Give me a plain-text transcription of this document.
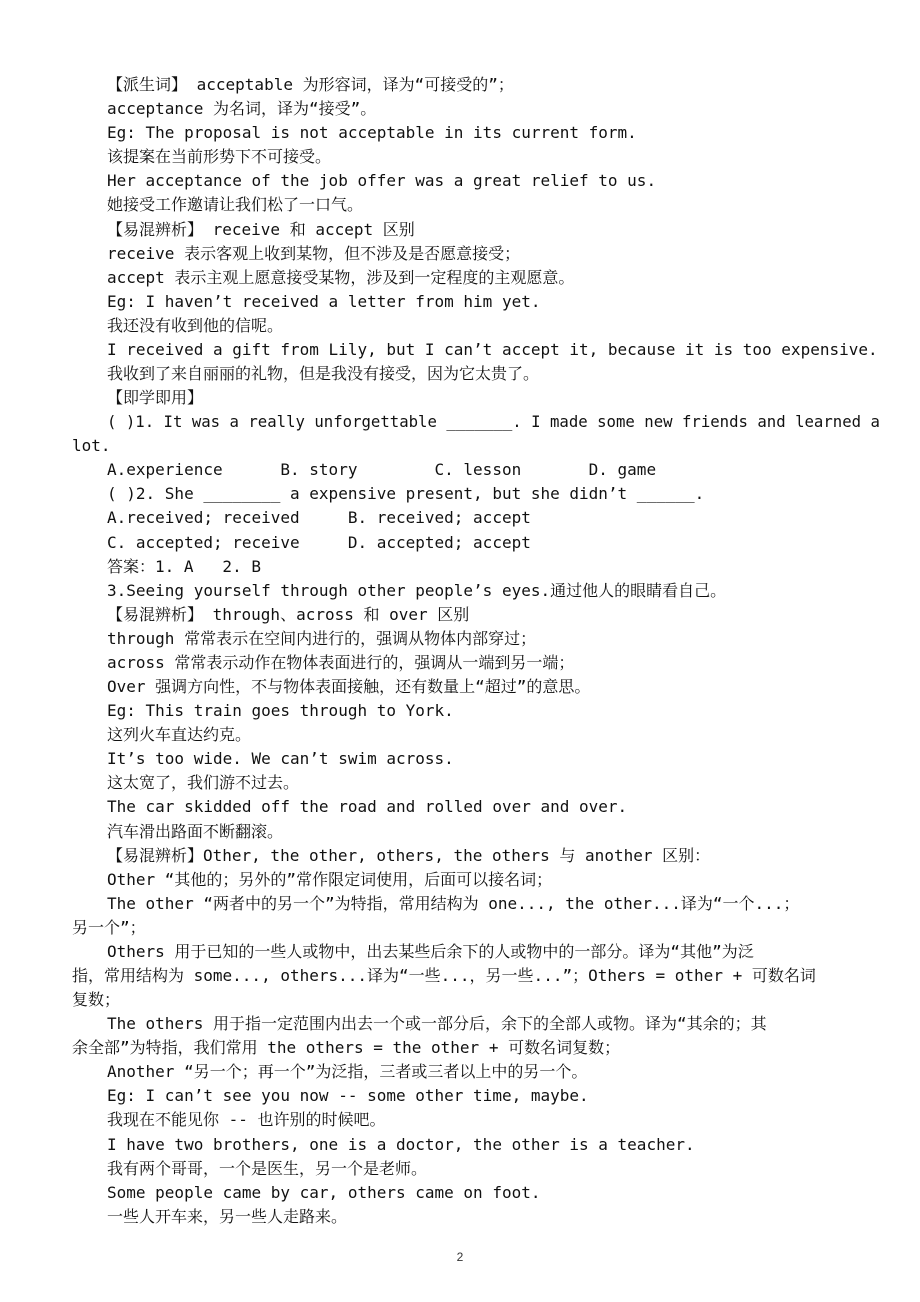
【派生词】 acceptable 为形容词，译为“可接受的”；
acceptance 为名词，译为“接受”。
Eg: The proposal is not acceptable in its current form.
该提案在当前形势下不可接受。
Her acceptance of the job offer was a great relief to us.
她接受工作邀请让我们松了一口气。
【易混辨析】 receive 和 accept 区别
receive 表示客观上收到某物，但不涉及是否愿意接受；
accept 表示主观上愿意接受某物，涉及到一定程度的主观愿意。
Eg: I haven’t received a letter from him yet.
我还没有收到他的信呢。
I received a gift from Lily, but I can’t accept it, because it is too expensive.
我收到了来自丽丽的礼物，但是我没有接受，因为它太贵了。
【即学即用】
( )1. It was a really unforgettable _______. I made some new friends and learned a
lot.
A.experience      B. story        C. lesson       D. game
( )2. She ________ a expensive present, but she didn’t ______.
A.received; received     B. received; accept
C. accepted; receive     D. accepted; accept
答案：1. A   2. B
3.Seeing yourself through other people’s eyes.通过他人的眼睛看自己。
【易混辨析】 through、across 和 over 区别
through 常常表示在空间内进行的，强调从物体内部穿过；
across 常常表示动作在物体表面进行的，强调从一端到另一端；
Over 强调方向性，不与物体表面接触，还有数量上“超过”的意思。
Eg: This train goes through to York.
这列火车直达约克。
It’s too wide. We can’t swim across.
这太宽了，我们游不过去。
The car skidded off the road and rolled over and over.
汽车滑出路面不断翻滚。
【易混辨析】Other, the other, others, the others 与 another 区别：
Other “其他的；另外的”常作限定词使用，后面可以接名词；
The other “两者中的另一个”为特指，常用结构为 one..., the other...译为“一个...；
另一个”；
Others 用于已知的一些人或物中，出去某些后余下的人或物中的一部分。译为“其他”为泛
指，常用结构为 some..., others...译为“一些...，另一些...”；Others = other + 可数名词
复数；
The others 用于指一定范围内出去一个或一部分后，余下的全部人或物。译为“其余的；其
余全部”为特指，我们常用 the others = the other + 可数名词复数；
Another “另一个；再一个”为泛指，三者或三者以上中的另一个。
Eg: I can’t see you now -- some other time, maybe.
我现在不能见你 -- 也许别的时候吧。
I have two brothers, one is a doctor, the other is a teacher.
我有两个哥哥，一个是医生，另一个是老师。
Some people came by car, others came on foot.
一些人开车来，另一些人走路来。
2
